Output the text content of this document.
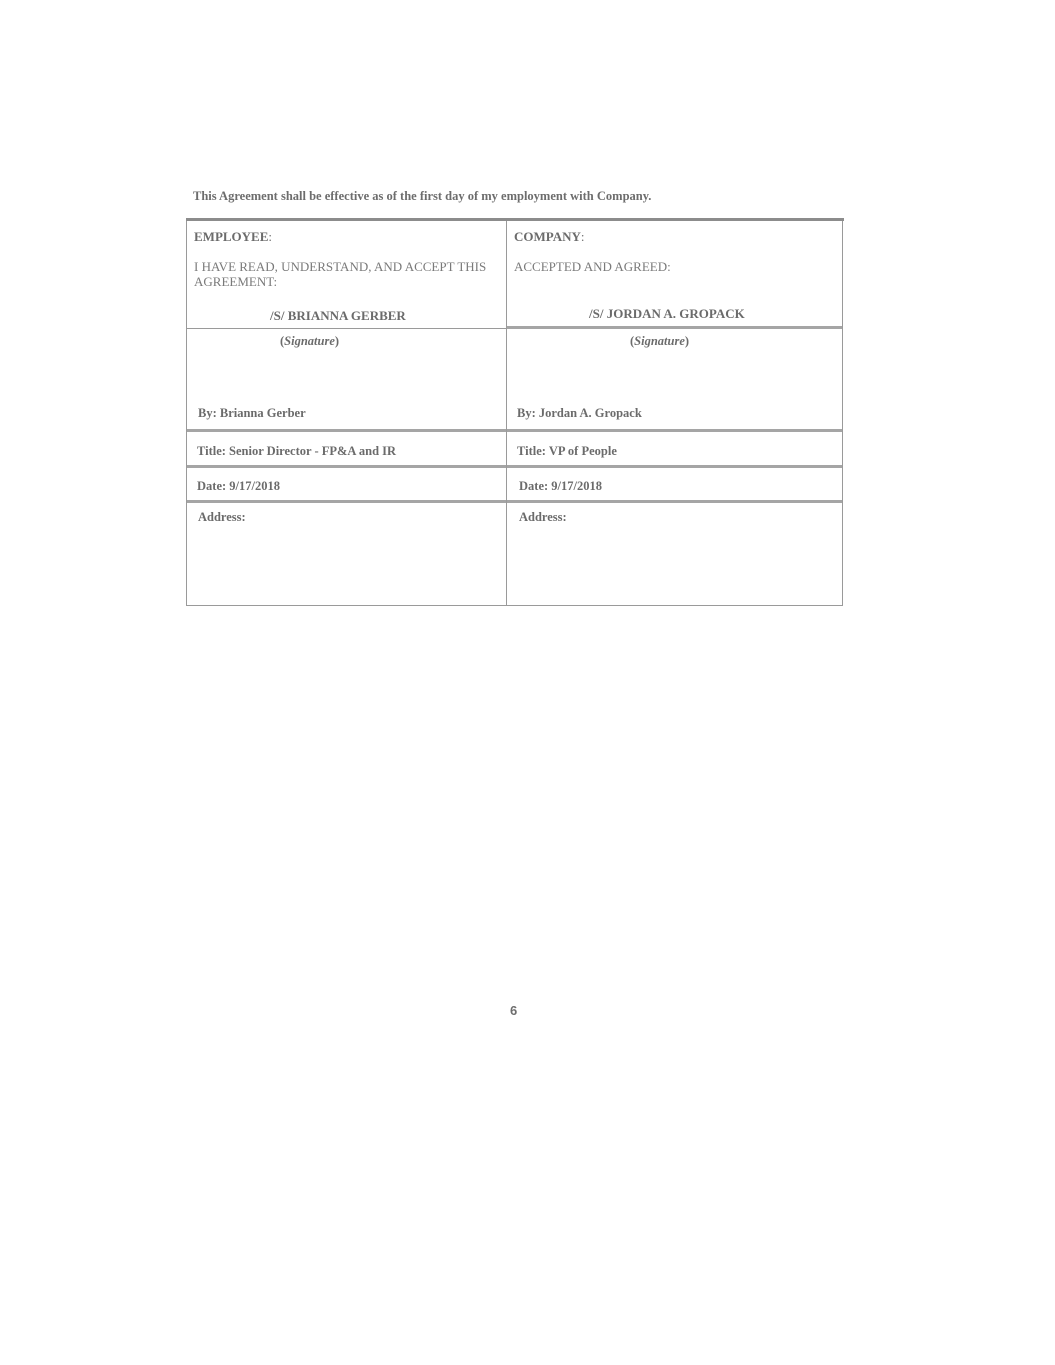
This Agreement shall be effective as of the first day of my employment with Company.
EMPLOYEE:
I HAVE READ, UNDERSTAND, AND ACCEPT THIS AGREEMENT:
/S/ BRIANNA GERBER
(Signature)
By: Brianna Gerber
Title: Senior Director - FP&A and IR
Date: 9/17/2018
Address:
COMPANY:
ACCEPTED AND AGREED:
/S/ JORDAN A. GROPACK
(Signature)
By: Jordan A. Gropack
Title: VP of People
Date: 9/17/2018
Address:
6
